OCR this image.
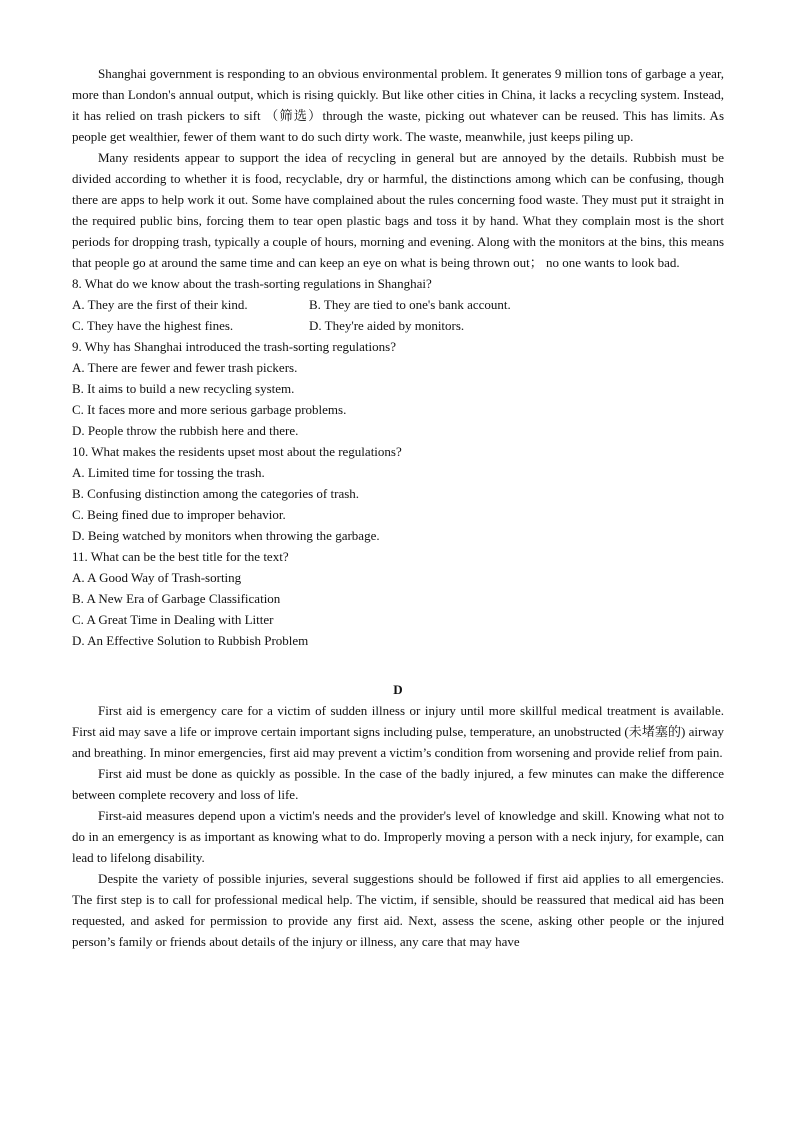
Shanghai government is responding to an obvious environmental problem. It generates 9 million tons of garbage a year, more than London's annual output, which is rising quickly. But like other cities in China, it lacks a recycling system. Instead, it has relied on trash pickers to sift （筛选）through the waste, picking out whatever can be reused. This has limits. As people get wealthier, fewer of them want to do such dirty work. The waste, meanwhile, just keeps piling up.

Many residents appear to support the idea of recycling in general but are annoyed by the details. Rubbish must be divided according to whether it is food, recyclable, dry or harmful, the distinctions among which can be confusing, though there are apps to help work it out. Some have complained about the rules concerning food waste. They must put it straight in the required public bins, forcing them to tear open plastic bags and toss it by hand. What they complain most is the short periods for dropping trash, typically a couple of hours, morning and evening. Along with the monitors at the bins, this means that people go at around the same time and can keep an eye on what is being thrown out； no one wants to look bad.

8. What do we know about the trash-sorting regulations in Shanghai?

A. They are the first of their kind.	B. They are tied to one's bank account.

C. They have the highest fines.	D. They're aided by monitors.

9. Why has Shanghai introduced the trash-sorting regulations?

A. There are fewer and fewer trash pickers.

B. It aims to build a new recycling system.

C. It faces more and more serious garbage problems.

D. People throw the rubbish here and there.

10. What makes the residents upset most about the regulations?

A. Limited time for tossing the trash.

B. Confusing distinction among the categories of trash.

C. Being fined due to improper behavior.

D. Being watched by monitors when throwing the garbage.

11. What can be the best title for the text?

A. A Good Way of Trash-sorting

B. A New Era of Garbage Classification

C. A Great Time in Dealing with Litter

D. An Effective Solution to Rubbish Problem

D

First aid is emergency care for a victim of sudden illness or injury until more skillful medical treatment is available. First aid may save a life or improve certain important signs including pulse, temperature, an unobstructed (未堵塞的) airway and breathing. In minor emergencies, first aid may prevent a victim’s condition from worsening and provide relief from pain.

First aid must be done as quickly as possible. In the case of the badly injured, a few minutes can make the difference between complete recovery and loss of life.

First-aid measures depend upon a victim's needs and the provider's level of knowledge and skill. Knowing what not to do in an emergency is as important as knowing what to do. Improperly moving a person with a neck injury, for example, can lead to lifelong disability.

Despite the variety of possible injuries, several suggestions should be followed if first aid applies to all emergencies. The first step is to call for professional medical help. The victim, if sensible, should be reassured that medical aid has been requested, and asked for permission to provide any first aid. Next, assess the scene, asking other people or the injured person’s family or friends about details of the injury or illness, any care that may have
